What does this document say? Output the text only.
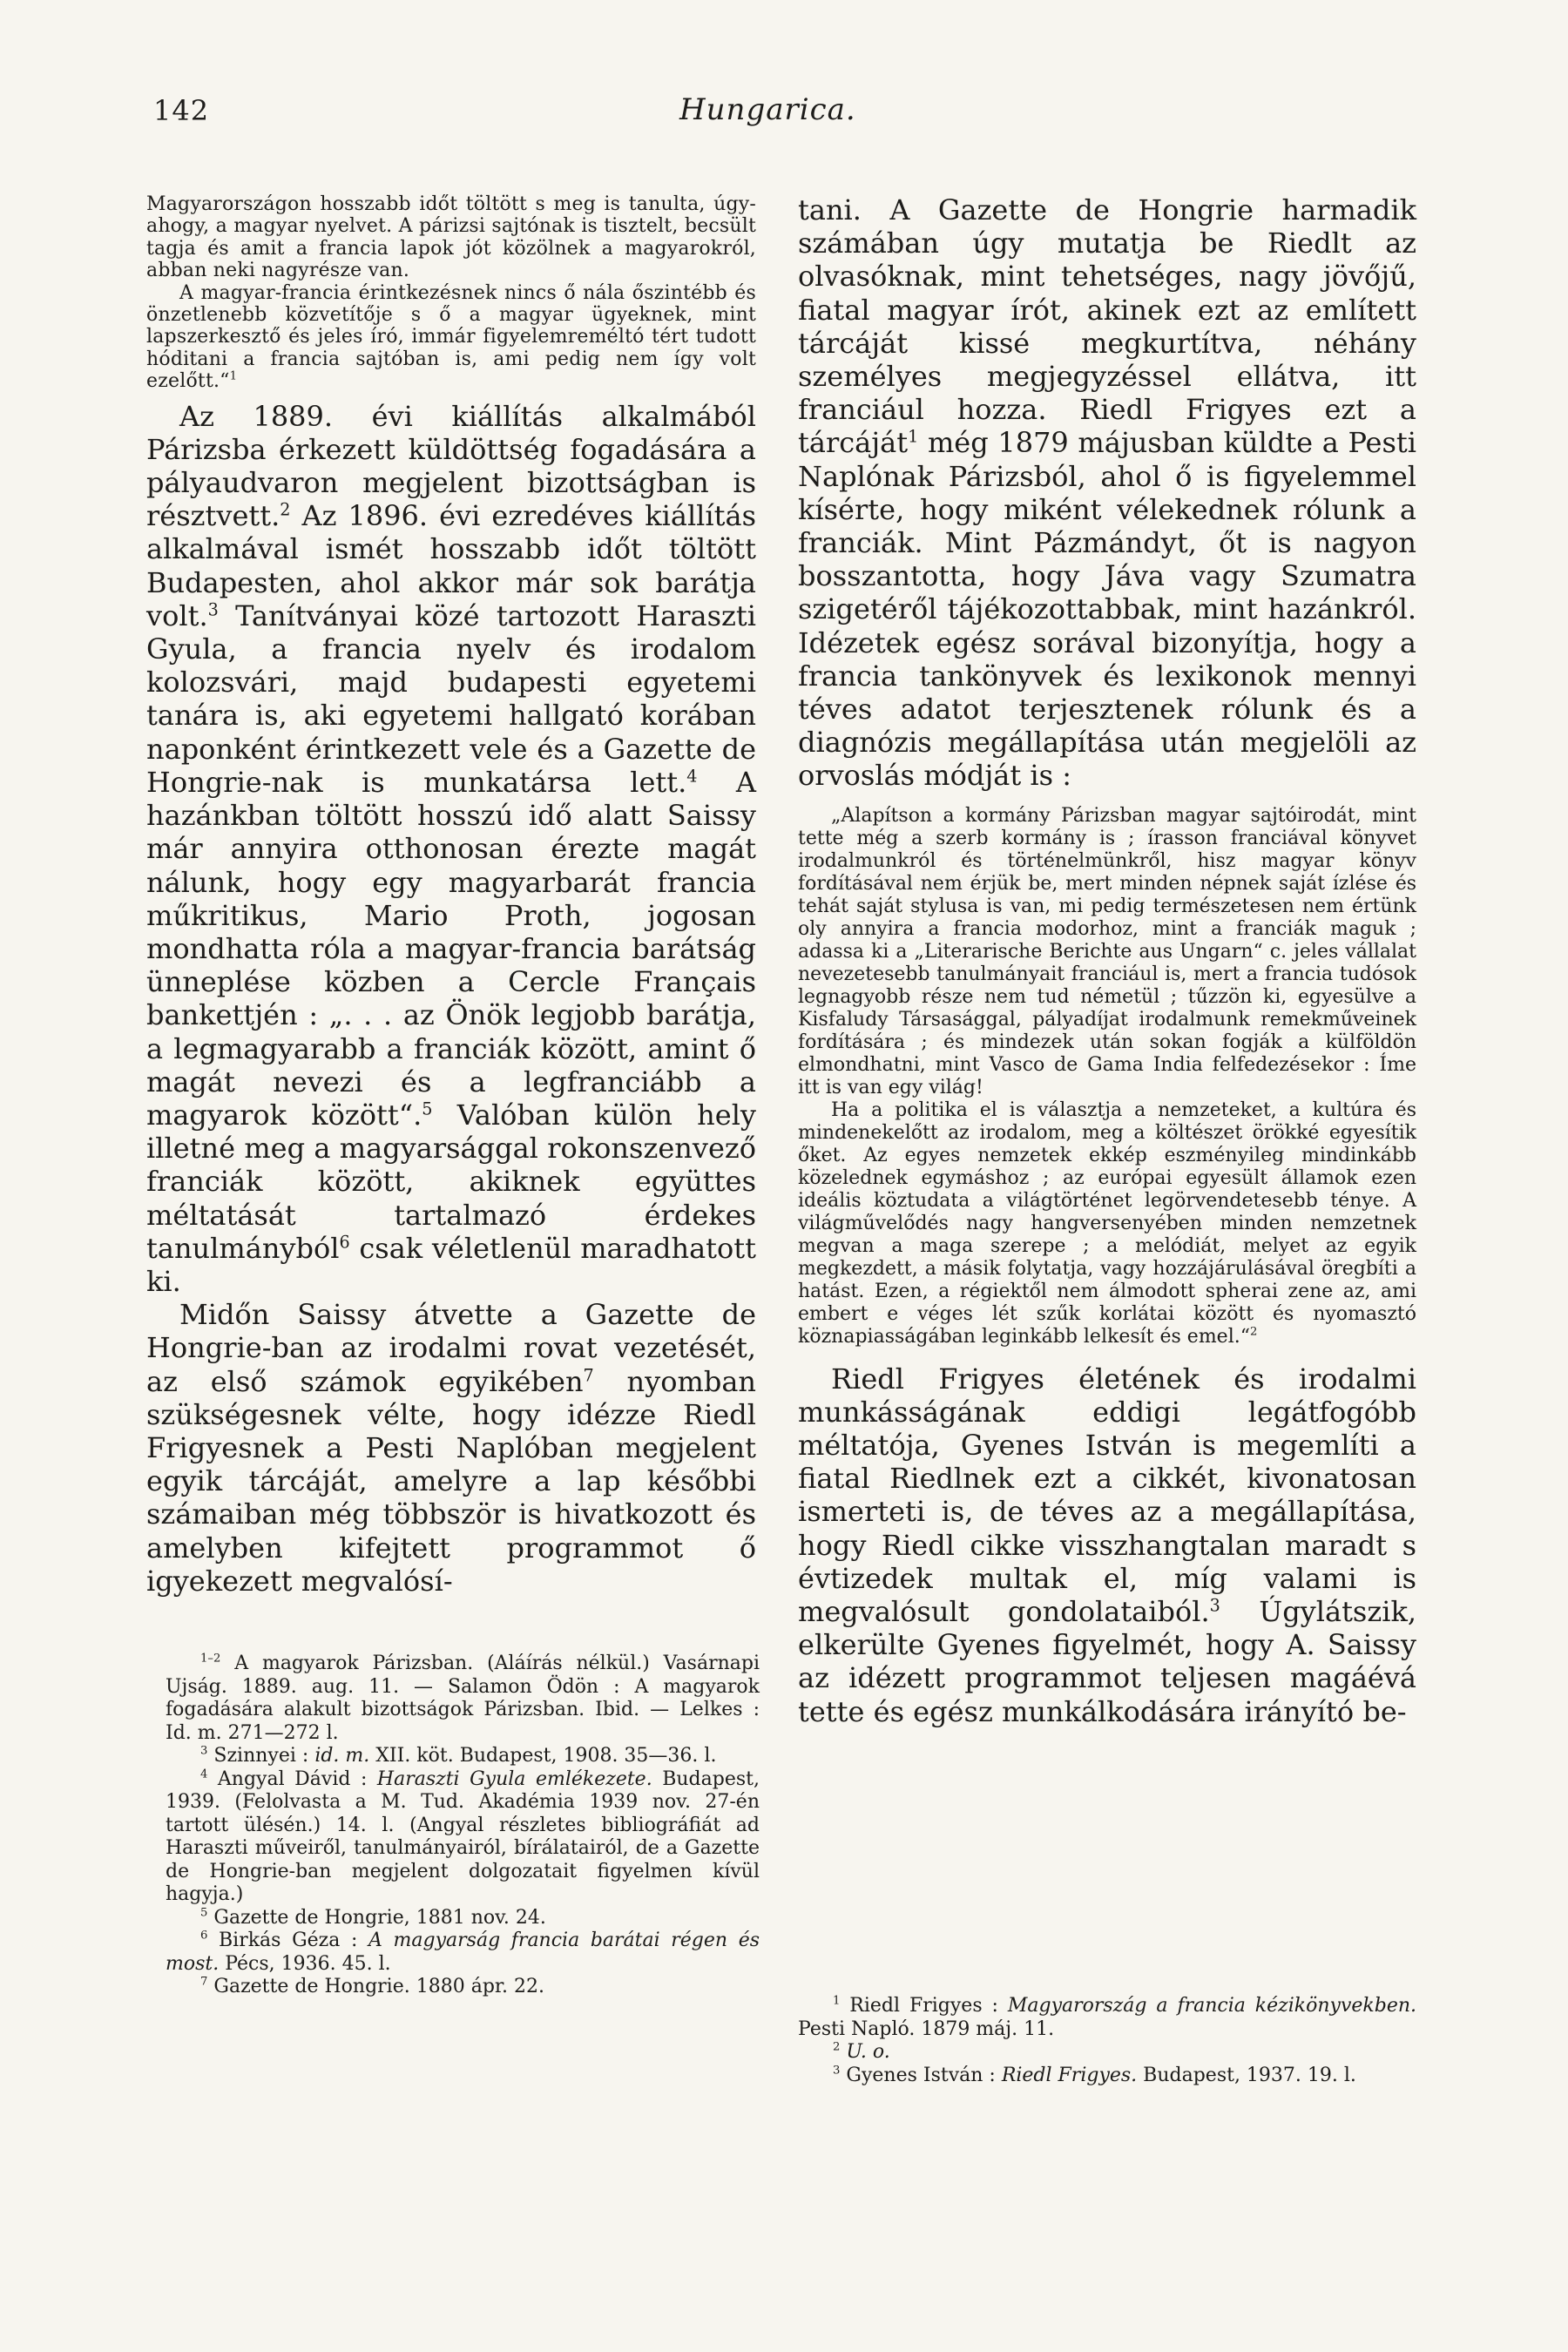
142	Hungarica.

Magyarországon hosszabb időt töltött s meg is tanulta, úgy-ahogy, a magyar nyelvet. A párizsi sajtónak is tisztelt, becsült tagja és amit a francia lapok jót közölnek a magyarokról, abban neki nagyrésze van.

A magyar-francia érintkezésnek nincs ő nála őszintébb és önzetlenebb közvetítője s ő a magyar ügyeknek, mint lapszerkesztő és jeles író, immár figyelemreméltó tért tudott hóditani a francia sajtóban is, ami pedig nem így volt ezelőtt.“$^1$

Az 1889. évi kiállítás alkalmából Párizsba érkezett küldöttség fogadására a pályaudvaron megjelent bizottságban is résztvett.$^2$ Az 1896. évi ezredéves kiállítás alkalmával ismét hosszabb időt töltött Budapesten, ahol akkor már sok barátja volt.$^3$ Tanítványai közé tartozott Haraszti Gyula, a francia nyelv és irodalom kolozsvári, majd budapesti egyetemi tanára is, aki egyetemi hallgató korában naponként érintkezett vele és a Gazette de Hongrie-nak is munkatársa lett.$^4$ A hazánkban töltött hosszú idő alatt Saissy már annyira otthonosan érezte magát nálunk, hogy egy magyarbarát francia műkritikus, Mario Proth, jogosan mondhatta róla a magyar-francia barátság ünneplése közben a Cercle Français bankettjén : „. . . az Önök legjobb barátja, a legmagyarabb a franciák között, amint ő magát nevezi és a legfranciább a magyarok között“.$^5$ Valóban külön hely illetné meg a magyarsággal rokonszenvező franciák között, akiknek együttes méltatását tartalmazó érdekes tanulmányból$^6$ csak véletlenül maradhatott ki.

Midőn Saissy átvette a Gazette de Hongrie-ban az irodalmi rovat vezetését, az első számok egyikében$^7$ nyomban szükségesnek vélte, hogy idézze Riedl Frigyesnek a Pesti Naplóban megjelent egyik tárcáját, amelyre a lap későbbi számaiban még többször is hivatkozott és amelyben kifejtett programmot ő igyekezett megvalósí-

$^{1-2}$ A magyarok Párizsban. (Aláírás nélkül.) Vasárnapi Ujság. 1889. aug. 11. — Salamon Ödön : A magyarok fogadására alakult bizottságok Párizsban. Ibid. — Lelkes : Id. m. 271—272 l.

$^3$ Szinnyei : id. m. XII. köt. Budapest, 1908. 35—36. l.

$^4$ Angyal Dávid : Haraszti Gyula emlékezete. Budapest, 1939. (Felolvasta a M. Tud. Akadémia 1939 nov. 27-én tartott ülésén.) 14. l. (Angyal részletes bibliográfiát ad Haraszti műveiről, tanulmányairól, bírálatairól, de a Gazette de Hongrie-ban megjelent dolgozatait figyelmen kívül hagyja.)

$^5$ Gazette de Hongrie, 1881 nov. 24.

$^6$ Birkás Géza : A magyarság francia barátai régen és most. Pécs, 1936. 45. l.

$^7$ Gazette de Hongrie. 1880 ápr. 22.

tani. A Gazette de Hongrie harmadik számában úgy mutatja be Riedlt az olvasóknak, mint tehetséges, nagy jövőjű, fiatal magyar írót, akinek ezt az említett tárcáját kissé megkurtítva, néhány személyes megjegyzéssel ellátva, itt franciául hozza. Riedl Frigyes ezt a tárcáját$^1$ még 1879 májusban küldte a Pesti Naplónak Párizsból, ahol ő is figyelemmel kísérte, hogy miként vélekednek rólunk a franciák. Mint Pázmándyt, őt is nagyon bosszantotta, hogy Jáva vagy Szumatra szigetéről tájékozottabbak, mint hazánkról. Idézetek egész sorával bizonyítja, hogy a francia tankönyvek és lexikonok mennyi téves adatot terjesztenek rólunk és a diagnózis megállapítása után megjelöli az orvoslás módját is :

„Alapítson a kormány Párizsban magyar sajtóirodát, mint tette még a szerb kormány is ; írasson franciával könyvet irodalmunkról és történelmünkről, hisz magyar könyv fordításával nem érjük be, mert minden népnek saját ízlése és tehát saját stylusa is van, mi pedig természetesen nem értünk oly annyira a francia modorhoz, mint a franciák maguk ; adassa ki a „Literarische Berichte aus Ungarn“ c. jeles vállalat nevezetesebb tanulmányait franciául is, mert a francia tudósok legnagyobb része nem tud németül ; tűzzön ki, egyesülve a Kisfaludy Társasággal, pályadíjat irodalmunk remekműveinek fordítására ; és mindezek után sokan fogják a külföldön elmondhatni, mint Vasco de Gama India felfedezésekor : Íme itt is van egy világ!

Ha a politika el is választja a nemzeteket, a kultúra és mindenekelőtt az irodalom, meg a költészet örökké egyesítik őket. Az egyes nemzetek ekkép eszményileg mindinkább közelednek egymáshoz ; az európai egyesült államok ezen ideális köztudata a világtörténet legörvendetesebb ténye. A világművelődés nagy hangversenyében minden nemzetnek megvan a maga szerepe ; a melódiát, melyet az egyik megkezdett, a másik folytatja, vagy hozzájárulásával öregbíti a hatást. Ezen, a régiektől nem álmodott spherai zene az, ami embert e véges lét szűk korlátai között és nyomasztó köznapiasságában leginkább lelkesít és emel.“$^2$

Riedl Frigyes életének és irodalmi munkásságának eddigi legátfogóbb méltatója, Gyenes István is megemlíti a fiatal Riedlnek ezt a cikkét, kivonatosan ismerteti is, de téves az a megállapítása, hogy Riedl cikke visszhangtalan maradt s évtizedek multak el, míg valami is megvalósult gondolataiból.$^3$ Úgylátszik, elkerülte Gyenes figyelmét, hogy A. Saissy az idézett programmot teljesen magáévá tette és egész munkálkodására irányító be-

$^1$ Riedl Frigyes : Magyarország a francia kézikönyvekben. Pesti Napló. 1879 máj. 11.

$^2$ U. o.

$^3$ Gyenes István : Riedl Frigyes. Budapest, 1937. 19. l.
